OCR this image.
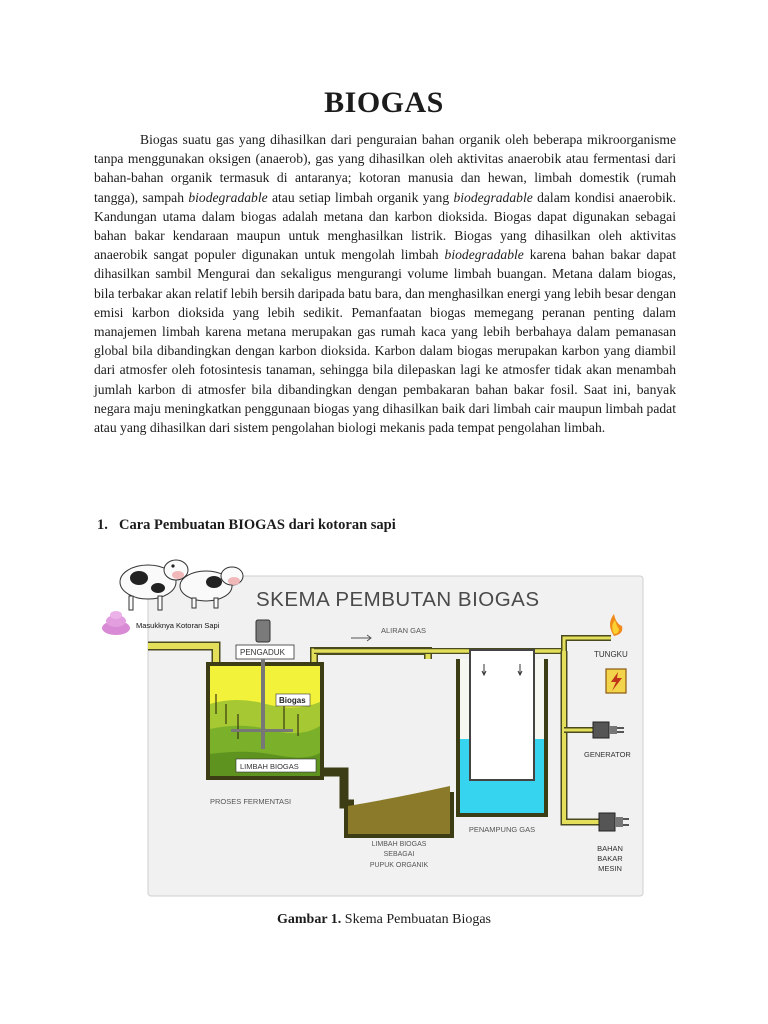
BIOGAS

Biogas suatu gas yang dihasilkan dari penguraian bahan organik oleh beberapa mikroorganisme tanpa menggunakan oksigen (anaerob), gas yang dihasilkan oleh aktivitas anaerobik atau fermentasi dari bahan-bahan organik termasuk di antaranya; kotoran manusia dan hewan, limbah domestik (rumah tangga), sampah biodegradable atau setiap limbah organik yang biodegradable dalam kondisi anaerobik. Kandungan utama dalam biogas adalah metana dan karbon dioksida. Biogas dapat digunakan sebagai bahan bakar kendaraan maupun untuk menghasilkan listrik. Biogas yang dihasilkan oleh aktivitas anaerobik sangat populer digunakan untuk mengolah limbah biodegradable karena bahan bakar dapat dihasilkan sambil Mengurai dan sekaligus mengurangi volume limbah buangan. Metana dalam biogas, bila terbakar akan relatif lebih bersih daripada batu bara, dan menghasilkan energi yang lebih besar dengan emisi karbon dioksida yang lebih sedikit. Pemanfaatan biogas memegang peranan penting dalam manajemen limbah karena metana merupakan gas rumah kaca yang lebih berbahaya dalam pemanasan global bila dibandingkan dengan karbon dioksida. Karbon dalam biogas merupakan karbon yang diambil dari atmosfer oleh fotosintesis tanaman, sehingga bila dilepaskan lagi ke atmosfer tidak akan menambah jumlah karbon di atmosfer bila dibandingkan dengan pembakaran bahan bakar fosil. Saat ini, banyak negara maju meningkatkan penggunaan biogas yang dihasilkan baik dari limbah cair maupun limbah padat atau yang dihasilkan dari sistem pengolahan biologi mekanis pada tempat pengolahan limbah.

1. Cara Pembuatan BIOGAS dari kotoran sapi

SKEMA PEMBUTAN BIOGAS
Masukknya Kotoran Sapi
ALIRAN GAS
PENGADUK
Biogas
LIMBAH BIOGAS
PROSES FERMENTASI
LIMBAH BIOGAS
SEBAGAI
PUPUK ORGANIK
PENAMPUNG GAS
TUNGKU
GENERATOR
BAHAN
BAKAR
MESIN

Gambar 1. Skema Pembuatan Biogas
